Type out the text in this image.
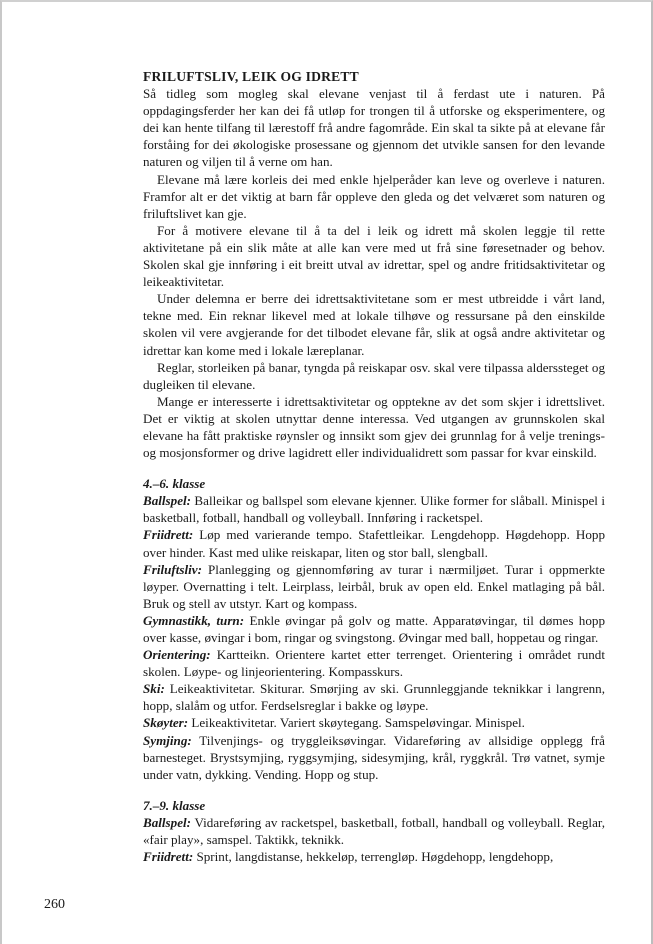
FRILUFTSLIV, LEIK OG IDRETT

Så tidleg som mogleg skal elevane venjast til å ferdast ute i naturen. På oppdagingsferder her kan dei få utløp for trongen til å utforske og eksperimentere, og dei kan hente tilfang til lærestoff frå andre fagområde. Ein skal ta sikte på at elevane får forståing for dei økologiske prosessane og gjennom det utvikle sansen for den levande naturen og viljen til å verne om han.

Elevane må lære korleis dei med enkle hjelperåder kan leve og overleve i naturen. Framfor alt er det viktig at barn får oppleve den gleda og det velværet som naturen og friluftslivet kan gje.

For å motivere elevane til å ta del i leik og idrett må skolen leggje til rette aktivitetane på ein slik måte at alle kan vere med ut frå sine føresetnader og behov. Skolen skal gje innføring i eit breitt utval av idrettar, spel og andre fritidsaktivitetar og leikeaktivitetar.

Under delemna er berre dei idrettsaktivitetane som er mest utbreidde i vårt land, tekne med. Ein reknar likevel med at lokale tilhøve og ressursane på den einskilde skolen vil vere avgjerande for det tilbodet elevane får, slik at også andre aktivitetar og idrettar kan kome med i lokale læreplanar.

Reglar, storleiken på banar, tyngda på reiskapar osv. skal vere tilpassa alderssteget og dugleiken til elevane.

Mange er interesserte i idrettsaktivitetar og opptekne av det som skjer i idrettslivet. Det er viktig at skolen utnyttar denne interessa. Ved utgangen av grunnskolen skal elevane ha fått praktiske røynsler og innsikt som gjev dei grunnlag for å velje trenings- og mosjonsformer og drive lagidrett eller individualidrett som passar for kvar einskild.

4.–6. klasse

Ballspel: Balleikar og ballspel som elevane kjenner. Ulike former for slåball. Minispel i basketball, fotball, handball og volleyball. Innføring i racketspel.

Friidrett: Løp med varierande tempo. Stafettleikar. Lengdehopp. Høgdehopp. Hopp over hinder. Kast med ulike reiskapar, liten og stor ball, slengball.

Friluftsliv: Planlegging og gjennomføring av turar i nærmiljøet. Turar i oppmerkte løyper. Overnatting i telt. Leirplass, leirbål, bruk av open eld. Enkel matlaging på bål. Bruk og stell av utstyr. Kart og kompass.

Gymnastikk, turn: Enkle øvingar på golv og matte. Apparatøvingar, til dømes hopp over kasse, øvingar i bom, ringar og svingstong. Øvingar med ball, hoppetau og ringar.

Orientering: Kartteikn. Orientere kartet etter terrenget. Orientering i området rundt skolen. Løype- og linjeorientering. Kompasskurs.

Ski: Leikeaktivitetar. Skiturar. Smørjing av ski. Grunnleggjande teknikkar i langrenn, hopp, slalåm og utfor. Ferdselsreglar i bakke og løype.

Skøyter: Leikeaktivitetar. Variert skøytegang. Samspeløvingar. Minispel.

Symjing: Tilvenjings- og tryggleiksøvingar. Vidareføring av allsidige opplegg frå barnesteget. Brystsymjing, ryggsymjing, sidesymjing, krål, ryggkrål. Trø vatnet, symje under vatn, dykking. Vending. Hopp og stup.

7.–9. klasse

Ballspel: Vidareføring av racketspel, basketball, fotball, handball og volleyball. Reglar, «fair play», samspel. Taktikk, teknikk.

Friidrett: Sprint, langdistanse, hekkeløp, terrengløp. Høgdehopp, lengdehopp,

260
